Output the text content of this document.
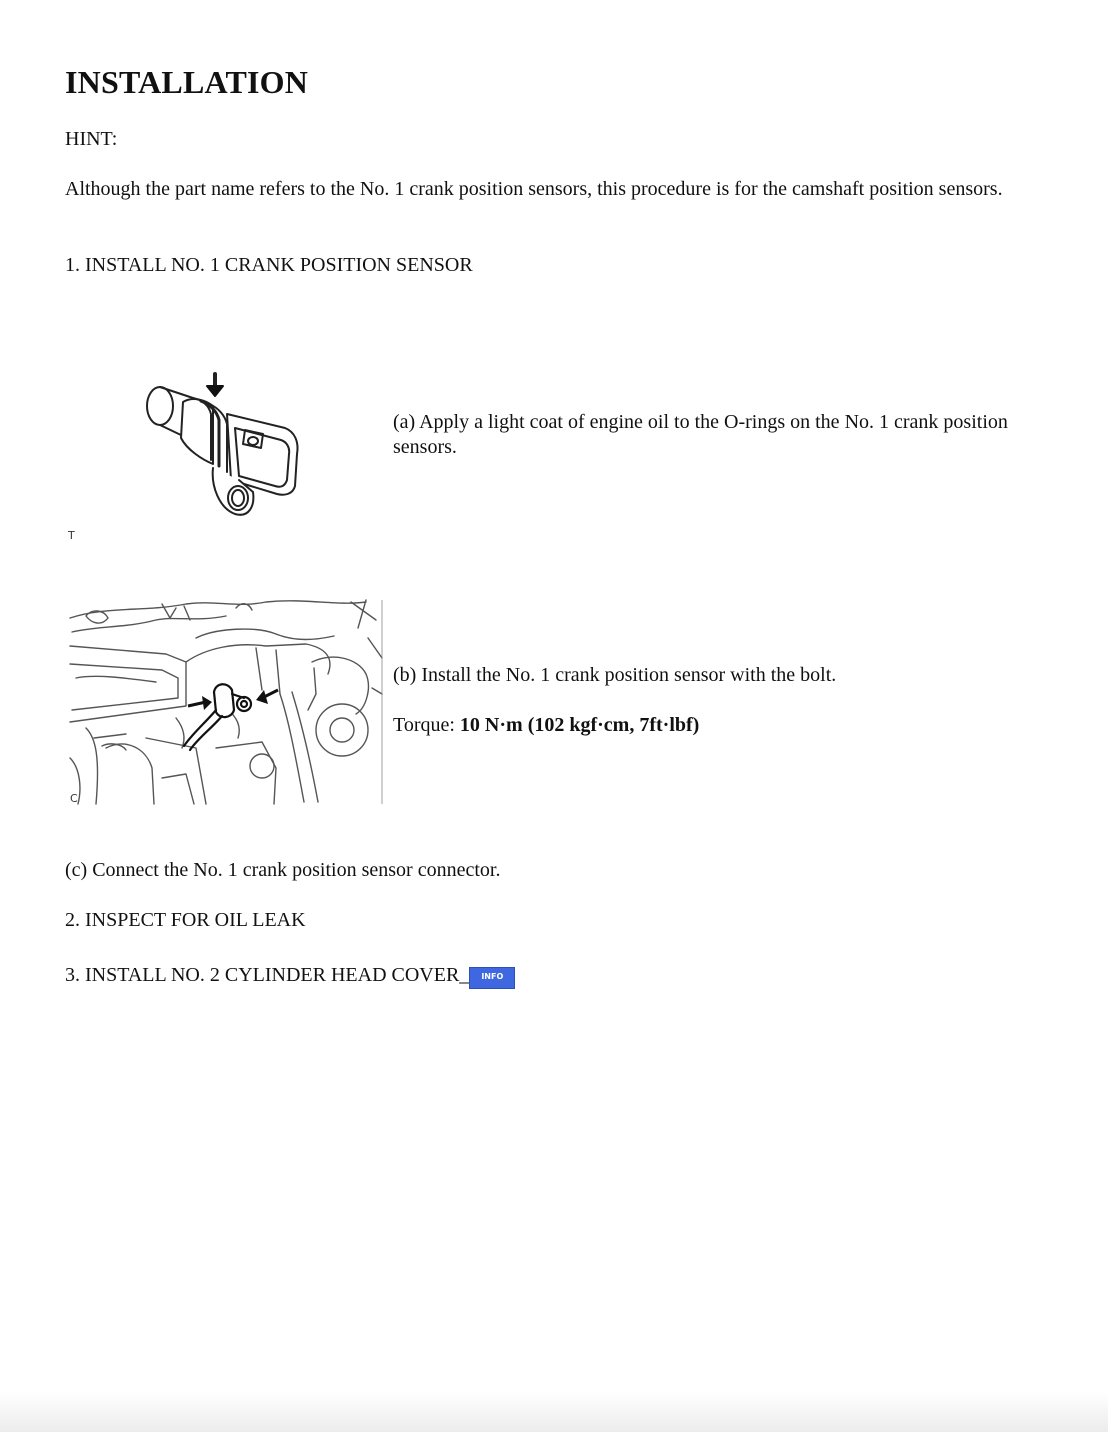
INSTALLATION
HINT:
Although the part name refers to the No. 1 crank position sensors, this procedure is for the camshaft position sensors.
1. INSTALL NO. 1 CRANK POSITION SENSOR
T
(a) Apply a light coat of engine oil to the O-rings on the No. 1 crank position sensors.
C
(b) Install the No. 1 crank position sensor with the bolt.
Torque: 10 N·m (102 kgf·cm, 7ft·lbf)
(c) Connect the No. 1 crank position sensor connector.
2. INSPECT FOR OIL LEAK
3. INSTALL NO. 2 CYLINDER HEAD COVER_ INFO
